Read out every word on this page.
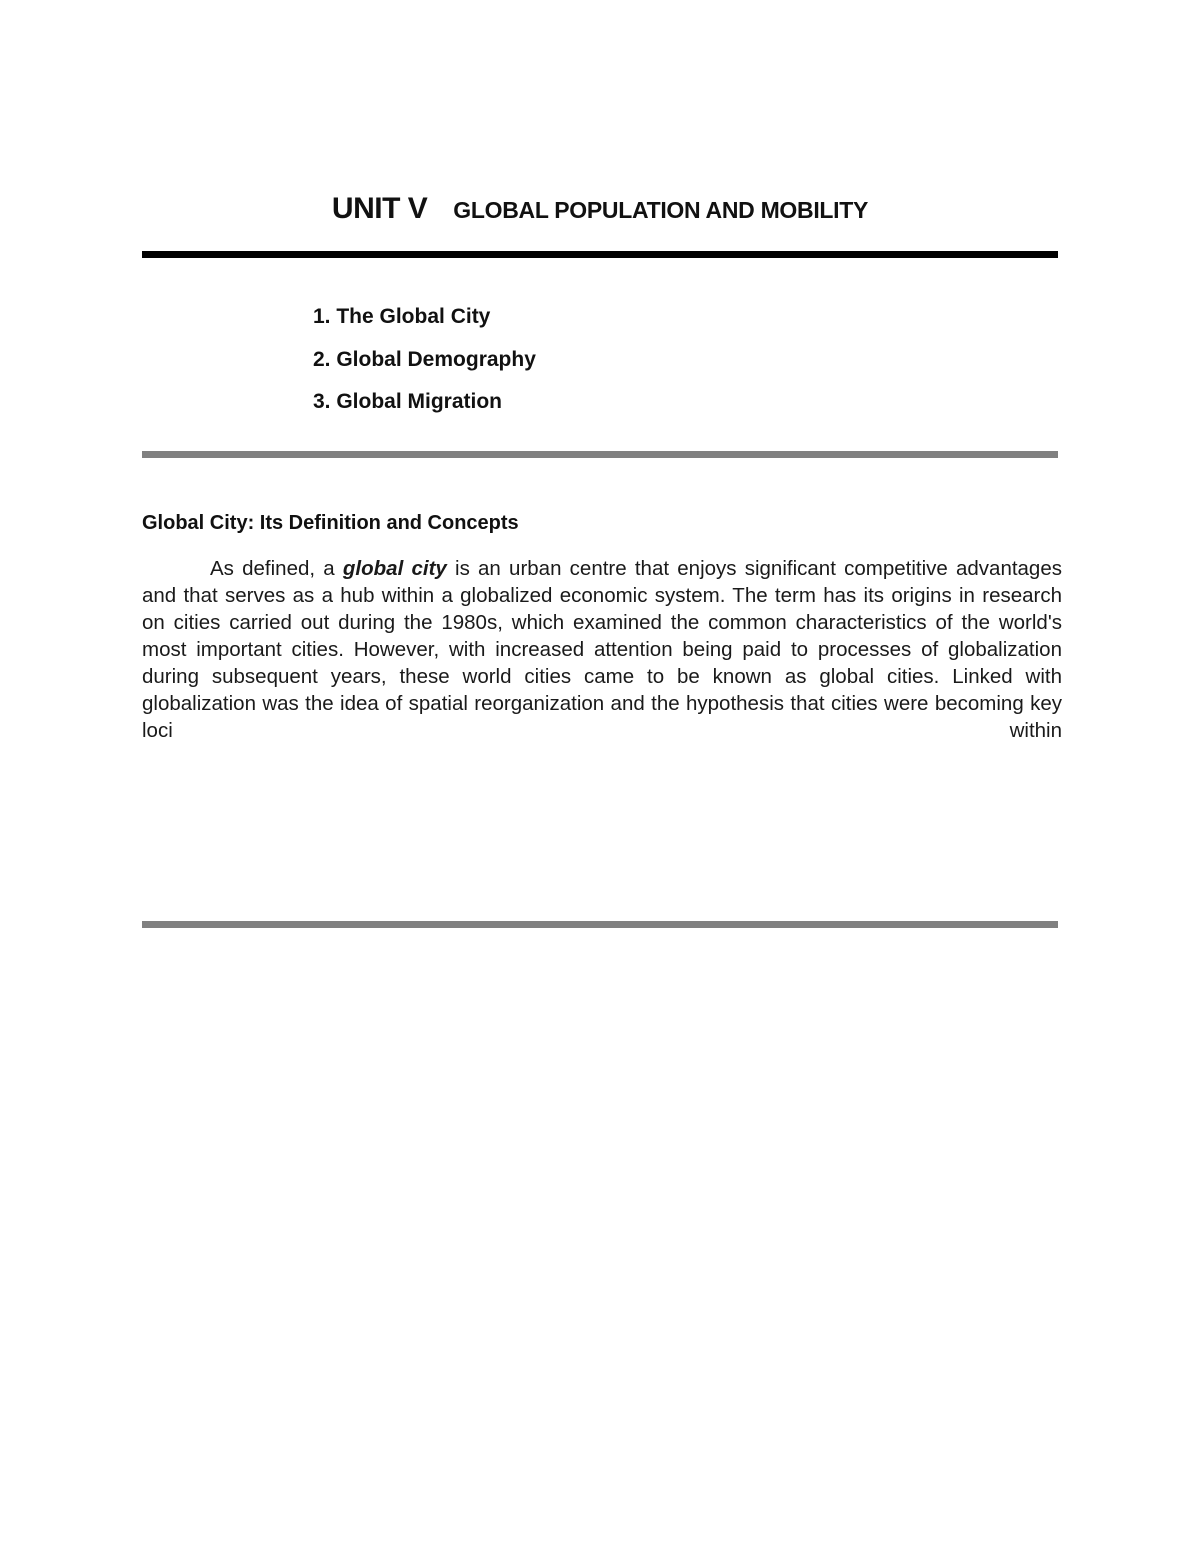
UNIT V GLOBAL POPULATION AND MOBILITY
1. The Global City
2. Global Demography
3. Global Migration
Global City: Its Definition and Concepts

As defined, a global city is an urban centre that enjoys significant competitive advantages and that serves as a hub within a globalized economic system. The term has its origins in research on cities carried out during the 1980s, which examined the common characteristics of the world's most important cities. However, with increased attention being paid to processes of globalization during subsequent years, these world cities came to be known as global cities. Linked with globalization was the idea of spatial reorganization and the hypothesis that cities were becoming key loci within
